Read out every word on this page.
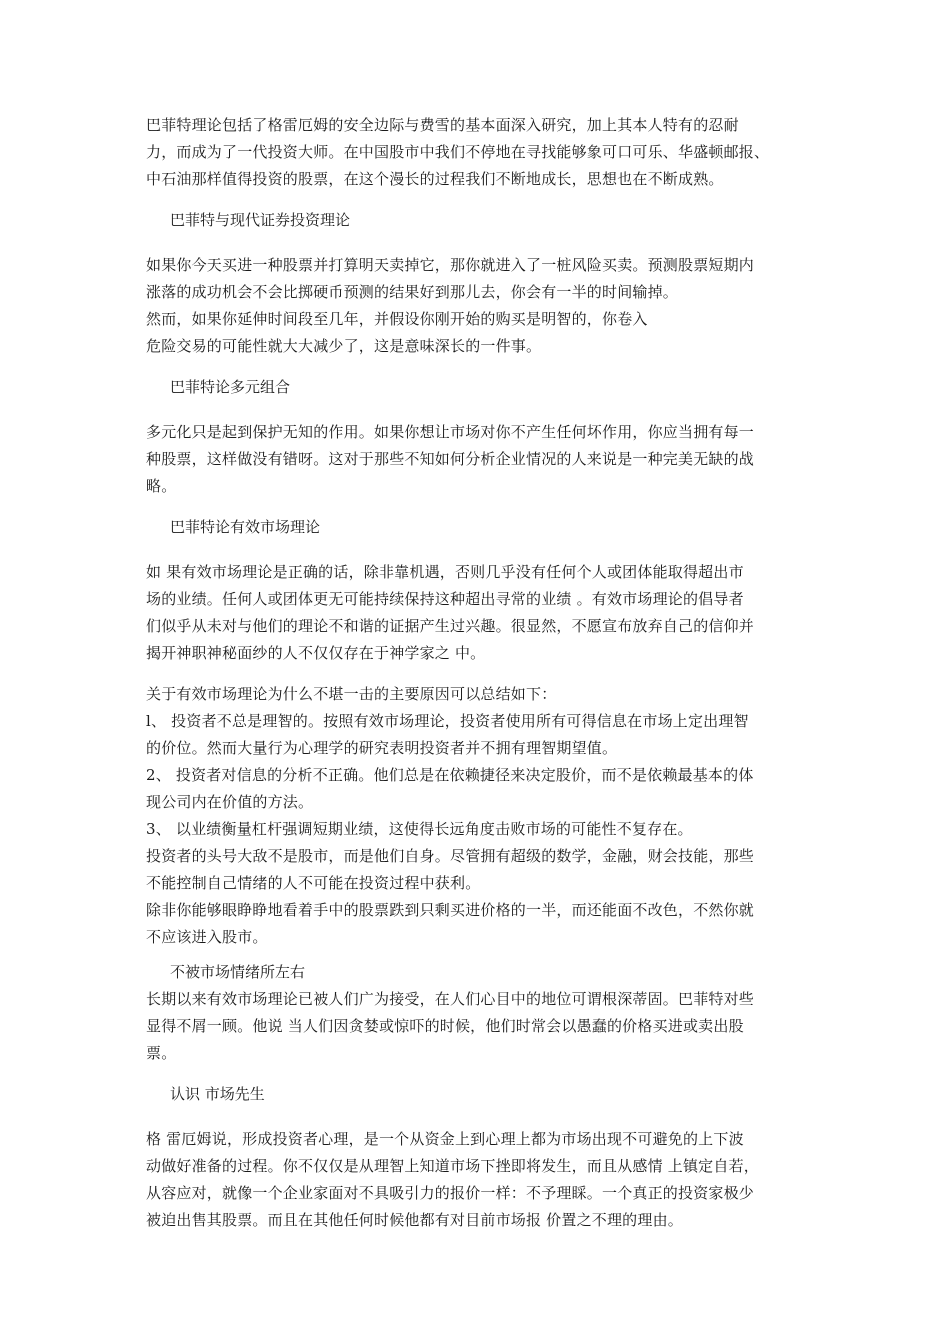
巴菲特理论包括了格雷厄姆的安全边际与费雪的基本面深入研究，加上其本人特有的忍耐
力，而成为了一代投资大师。在中国股市中我们不停地在寻找能够象可口可乐、华盛顿邮报、
中石油那样值得投资的股票，在这个漫长的过程我们不断地成长，思想也在不断成熟。

巴菲特与现代证券投资理论

如果你今天买进一种股票并打算明天卖掉它，那你就进入了一桩风险买卖。预测股票短期内
涨落的成功机会不会比掷硬币预测的结果好到那儿去，你会有一半的时间输掉。
然而，如果你延伸时间段至几年，并假设你刚开始的购买是明智的，你卷入
危险交易的可能性就大大减少了，这是意味深长的一件事。

巴菲特论多元组合

多元化只是起到保护无知的作用。如果你想让市场对你不产生任何坏作用，你应当拥有每一
种股票，这样做没有错呀。这对于那些不知如何分析企业情况的人来说是一种完美无缺的战
略。

巴菲特论有效市场理论

如 果有效市场理论是正确的话，除非靠机遇，否则几乎没有任何个人或团体能取得超出市
场的业绩。任何人或团体更无可能持续保持这种超出寻常的业绩 。有效市场理论的倡导者
们似乎从未对与他们的理论不和谐的证据产生过兴趣。很显然，不愿宣布放弃自己的信仰并
揭开神职神秘面纱的人不仅仅存在于神学家之 中。

关于有效市场理论为什么不堪一击的主要原因可以总结如下：
l、 投资者不总是理智的。按照有效市场理论，投资者使用所有可得信息在市场上定出理智
的价位。然而大量行为心理学的研究表明投资者并不拥有理智期望值。
2、 投资者对信息的分析不正确。他们总是在依赖捷径来决定股价，而不是依赖最基本的体
现公司内在价值的方法。
3、 以业绩衡量杠杆强调短期业绩，这使得长远角度击败市场的可能性不复存在。
投资者的头号大敌不是股市，而是他们自身。尽管拥有超级的数学，金融，财会技能，那些
不能控制自己情绪的人不可能在投资过程中获利。
除非你能够眼睁睁地看着手中的股票跌到只剩买进价格的一半，而还能面不改色，不然你就
不应该进入股市。

不被市场情绪所左右

长期以来有效市场理论已被人们广为接受，在人们心目中的地位可谓根深蒂固。巴菲特对些
显得不屑一顾。他说 当人们因贪婪或惊吓的时候，他们时常会以愚蠢的价格买进或卖出股
票。

认识 市场先生

格 雷厄姆说，形成投资者心理，是一个从资金上到心理上都为市场出现不可避免的上下波
动做好准备的过程。你不仅仅是从理智上知道市场下挫即将发生，而且从感情 上镇定自若，
从容应对，就像一个企业家面对不具吸引力的报价一样：不予理睬。一个真正的投资家极少
被迫出售其股票。而且在其他任何时候他都有对目前市场报 价置之不理的理由。
